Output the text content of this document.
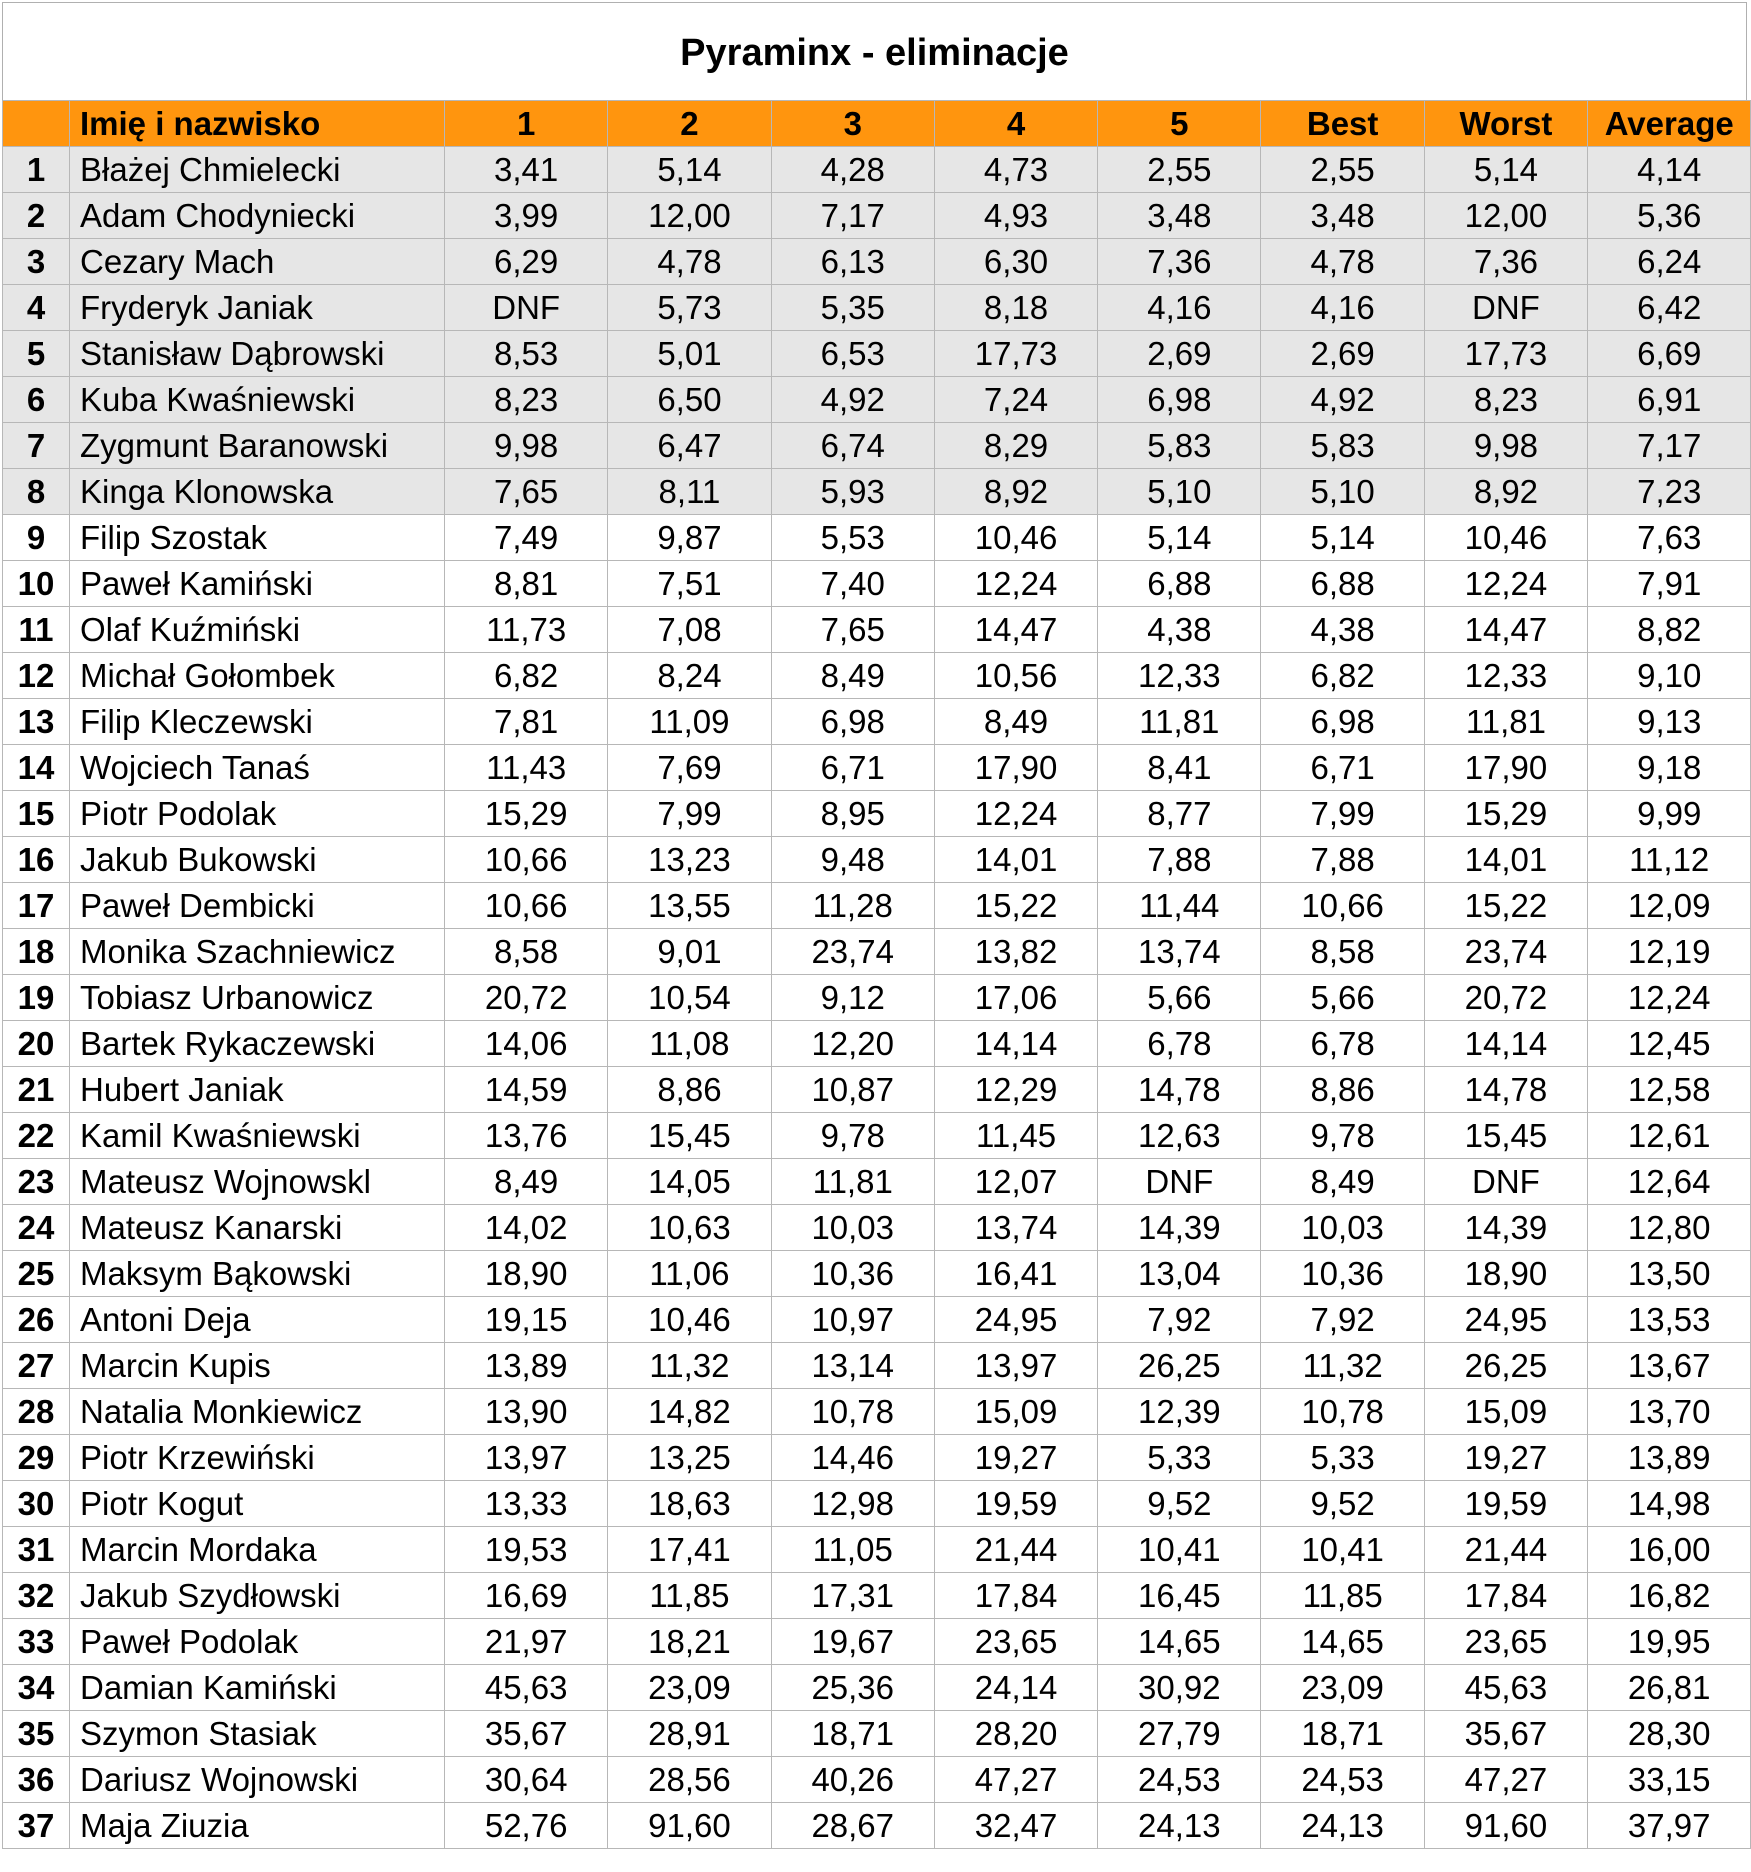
Pyraminx - eliminacje
	Imię i nazwisko	1	2	3	4	5	Best	Worst	Average
1	Błażej Chmielecki	3,41	5,14	4,28	4,73	2,55	2,55	5,14	4,14
2	Adam Chodyniecki	3,99	12,00	7,17	4,93	3,48	3,48	12,00	5,36
3	Cezary Mach	6,29	4,78	6,13	6,30	7,36	4,78	7,36	6,24
4	Fryderyk Janiak	DNF	5,73	5,35	8,18	4,16	4,16	DNF	6,42
5	Stanisław Dąbrowski	8,53	5,01	6,53	17,73	2,69	2,69	17,73	6,69
6	Kuba Kwaśniewski	8,23	6,50	4,92	7,24	6,98	4,92	8,23	6,91
7	Zygmunt Baranowski	9,98	6,47	6,74	8,29	5,83	5,83	9,98	7,17
8	Kinga Klonowska	7,65	8,11	5,93	8,92	5,10	5,10	8,92	7,23
9	Filip Szostak	7,49	9,87	5,53	10,46	5,14	5,14	10,46	7,63
10	Paweł Kamiński	8,81	7,51	7,40	12,24	6,88	6,88	12,24	7,91
11	Olaf Kuźmiński	11,73	7,08	7,65	14,47	4,38	4,38	14,47	8,82
12	Michał Gołombek	6,82	8,24	8,49	10,56	12,33	6,82	12,33	9,10
13	Filip Kleczewski	7,81	11,09	6,98	8,49	11,81	6,98	11,81	9,13
14	Wojciech Tanaś	11,43	7,69	6,71	17,90	8,41	6,71	17,90	9,18
15	Piotr Podolak	15,29	7,99	8,95	12,24	8,77	7,99	15,29	9,99
16	Jakub Bukowski	10,66	13,23	9,48	14,01	7,88	7,88	14,01	11,12
17	Paweł Dembicki	10,66	13,55	11,28	15,22	11,44	10,66	15,22	12,09
18	Monika Szachniewicz	8,58	9,01	23,74	13,82	13,74	8,58	23,74	12,19
19	Tobiasz Urbanowicz	20,72	10,54	9,12	17,06	5,66	5,66	20,72	12,24
20	Bartek Rykaczewski	14,06	11,08	12,20	14,14	6,78	6,78	14,14	12,45
21	Hubert Janiak	14,59	8,86	10,87	12,29	14,78	8,86	14,78	12,58
22	Kamil Kwaśniewski	13,76	15,45	9,78	11,45	12,63	9,78	15,45	12,61
23	Mateusz Wojnowskl	8,49	14,05	11,81	12,07	DNF	8,49	DNF	12,64
24	Mateusz Kanarski	14,02	10,63	10,03	13,74	14,39	10,03	14,39	12,80
25	Maksym Bąkowski	18,90	11,06	10,36	16,41	13,04	10,36	18,90	13,50
26	Antoni Deja	19,15	10,46	10,97	24,95	7,92	7,92	24,95	13,53
27	Marcin Kupis	13,89	11,32	13,14	13,97	26,25	11,32	26,25	13,67
28	Natalia Monkiewicz	13,90	14,82	10,78	15,09	12,39	10,78	15,09	13,70
29	Piotr Krzewiński	13,97	13,25	14,46	19,27	5,33	5,33	19,27	13,89
30	Piotr Kogut	13,33	18,63	12,98	19,59	9,52	9,52	19,59	14,98
31	Marcin Mordaka	19,53	17,41	11,05	21,44	10,41	10,41	21,44	16,00
32	Jakub Szydłowski	16,69	11,85	17,31	17,84	16,45	11,85	17,84	16,82
33	Paweł Podolak	21,97	18,21	19,67	23,65	14,65	14,65	23,65	19,95
34	Damian Kamiński	45,63	23,09	25,36	24,14	30,92	23,09	45,63	26,81
35	Szymon Stasiak	35,67	28,91	18,71	28,20	27,79	18,71	35,67	28,30
36	Dariusz Wojnowski	30,64	28,56	40,26	47,27	24,53	24,53	47,27	33,15
37	Maja Ziuzia	52,76	91,60	28,67	32,47	24,13	24,13	91,60	37,97
